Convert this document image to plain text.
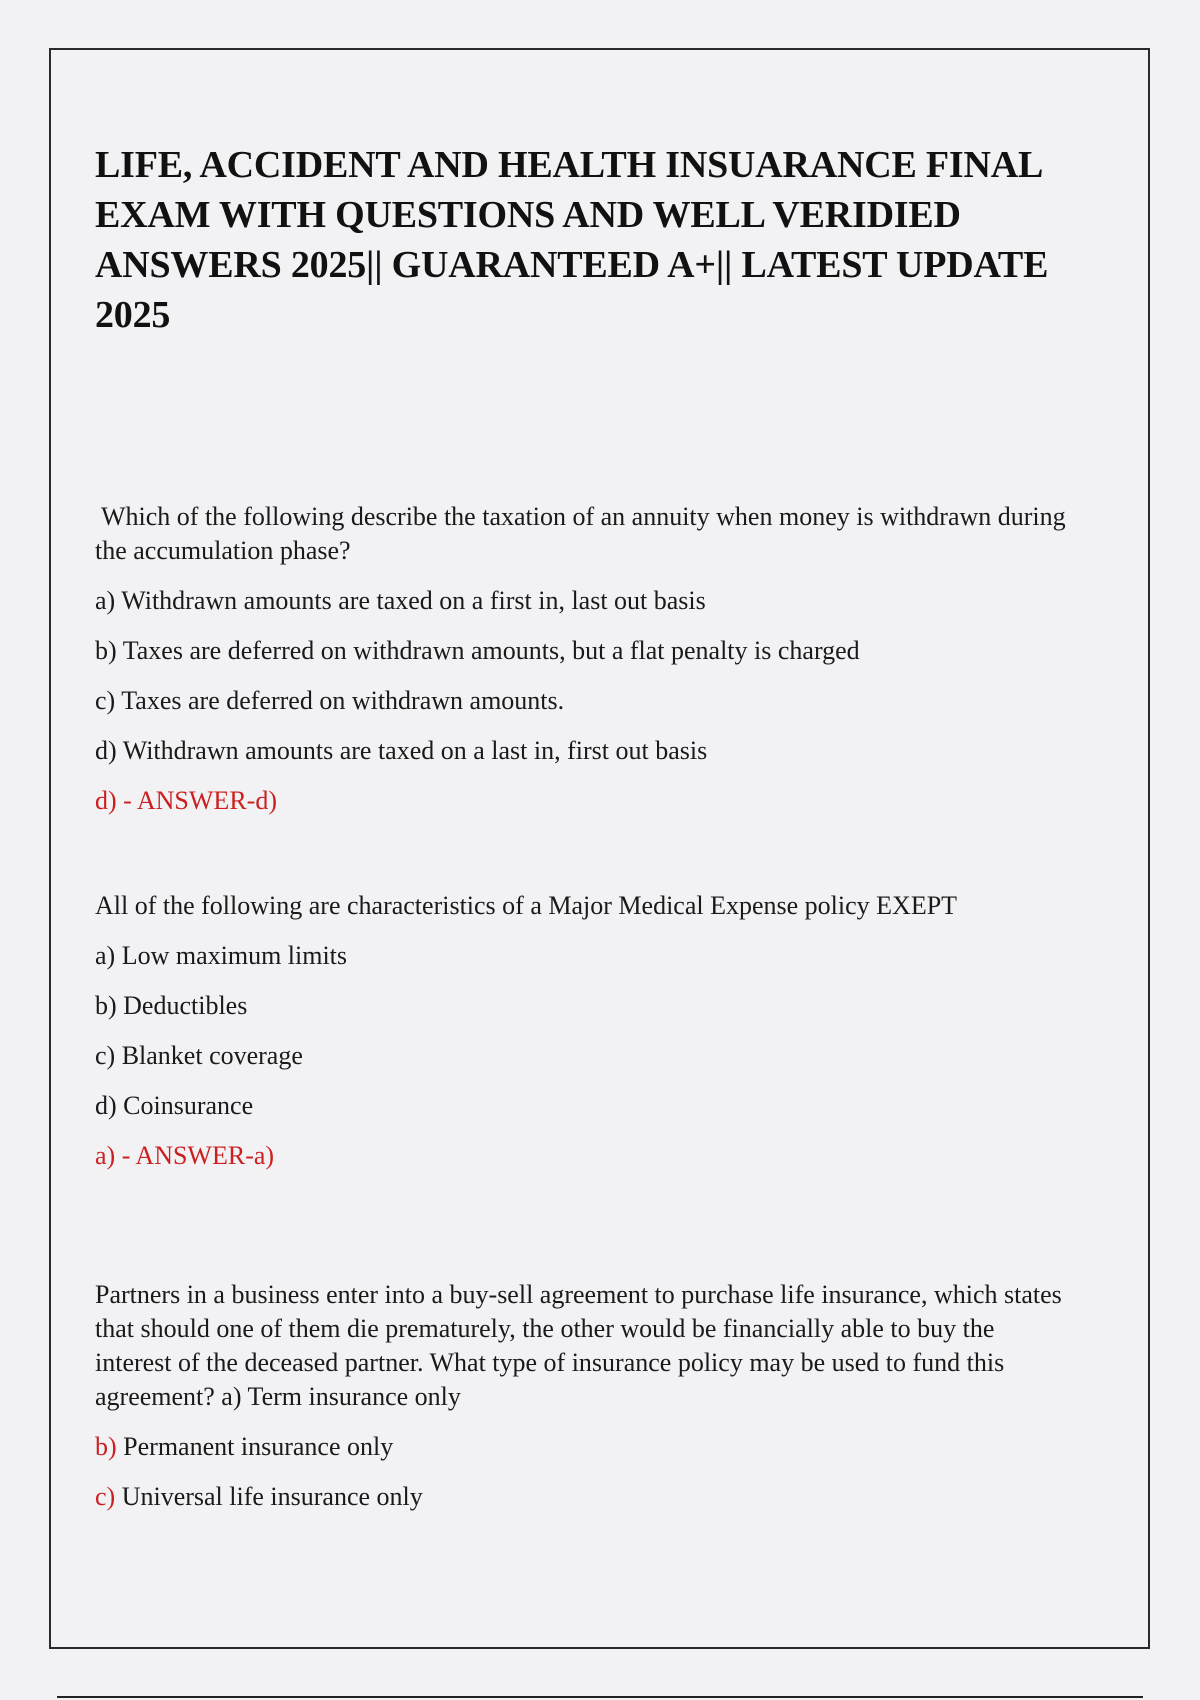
LIFE, ACCIDENT AND HEALTH INSUARANCE FINAL EXAM WITH QUESTIONS AND WELL VERIDIED ANSWERS 2025|| GUARANTEED A+|| LATEST UPDATE 2025

Which of the following describe the taxation of an annuity when money is withdrawn during the accumulation phase?

a) Withdrawn amounts are taxed on a first in, last out basis

b) Taxes are deferred on withdrawn amounts, but a flat penalty is charged

c) Taxes are deferred on withdrawn amounts.

d) Withdrawn amounts are taxed on a last in, first out basis

d) - ANSWER-d)

All of the following are characteristics of a Major Medical Expense policy EXEPT

a) Low maximum limits

b) Deductibles

c) Blanket coverage

d) Coinsurance

a) - ANSWER-a)

Partners in a business enter into a buy-sell agreement to purchase life insurance, which states that should one of them die prematurely, the other would be financially able to buy the interest of the deceased partner. What type of insurance policy may be used to fund this agreement? a) Term insurance only

b) Permanent insurance only

c) Universal life insurance only
